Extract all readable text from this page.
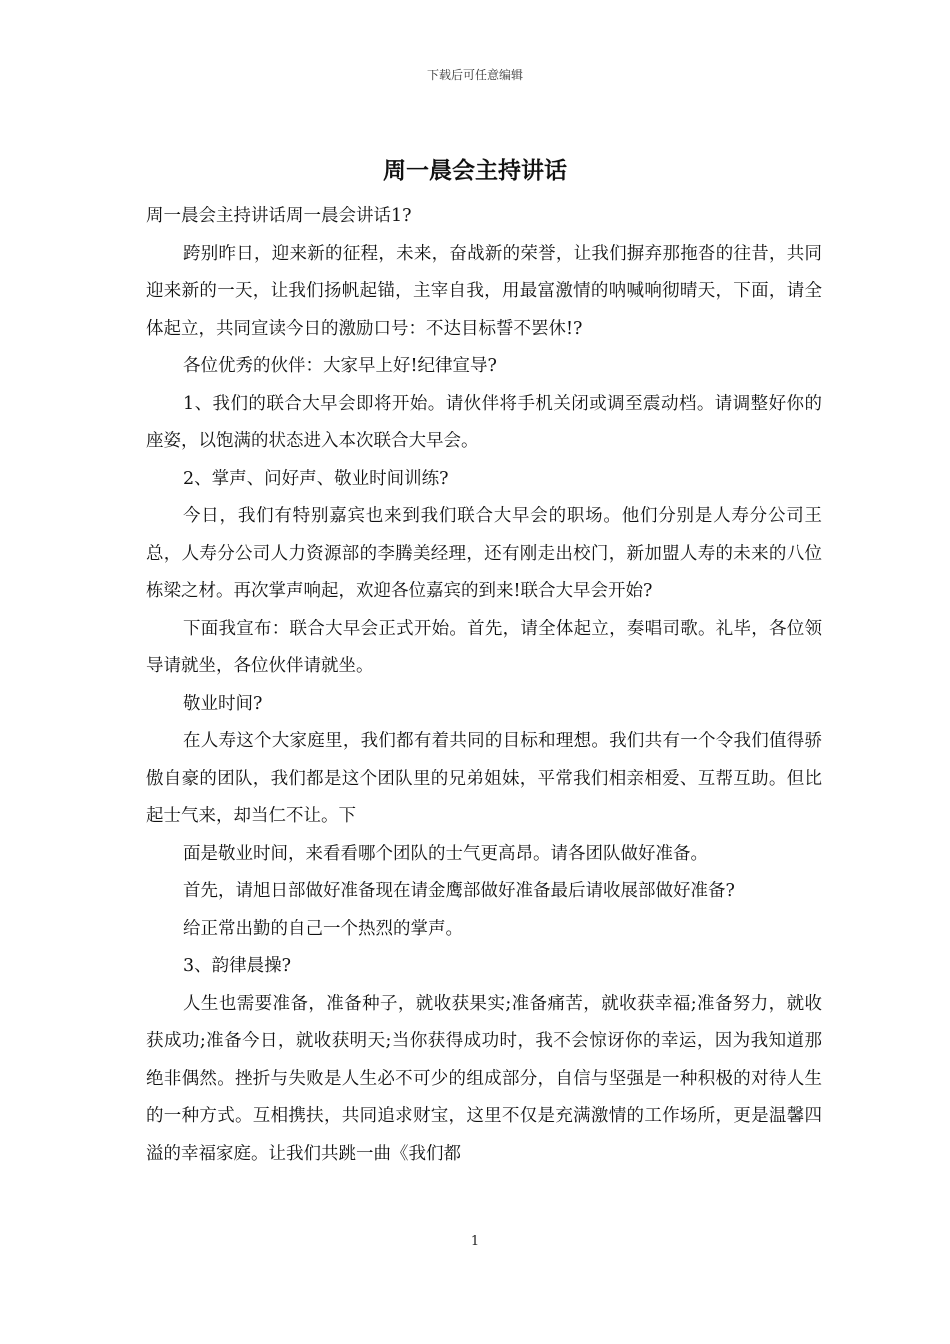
下载后可任意编辑
周一晨会主持讲话

周一晨会主持讲话周一晨会讲话1?

跨别昨日，迎来新的征程，未来，奋战新的荣誉，让我们摒弃那拖沓的往昔，共同迎来新的一天，让我们扬帆起锚，主宰自我，用最富激情的呐喊响彻晴天，下面，请全体起立，共同宣读今日的激励口号：不达目标誓不罢休!?

各位优秀的伙伴：大家早上好!纪律宣导?

1、我们的联合大早会即将开始。请伙伴将手机关闭或调至震动档。请调整好你的座姿，以饱满的状态进入本次联合大早会。

2、掌声、问好声、敬业时间训练?

今日，我们有特别嘉宾也来到我们联合大早会的职场。他们分别是人寿分公司王总，人寿分公司人力资源部的李腾美经理，还有刚走出校门，新加盟人寿的未来的八位栋梁之材。再次掌声响起，欢迎各位嘉宾的到来!联合大早会开始?

下面我宣布：联合大早会正式开始。首先，请全体起立，奏唱司歌。礼毕，各位领导请就坐，各位伙伴请就坐。

敬业时间?

在人寿这个大家庭里，我们都有着共同的目标和理想。我们共有一个令我们值得骄傲自豪的团队，我们都是这个团队里的兄弟姐妹，平常我们相亲相爱、互帮互助。但比起士气来，却当仁不让。下

面是敬业时间，来看看哪个团队的士气更高昂。请各团队做好准备。

首先，请旭日部做好准备现在请金鹰部做好准备最后请收展部做好准备?

给正常出勤的自己一个热烈的掌声。

3、韵律晨操?

人生也需要准备，准备种子，就收获果实;准备痛苦，就收获幸福;准备努力，就收获成功;准备今日，就收获明天;当你获得成功时，我不会惊讶你的幸运，因为我知道那绝非偶然。挫折与失败是人生必不可少的组成部分，自信与坚强是一种积极的对待人生的一种方式。互相携扶，共同追求财宝，这里不仅是充满激情的工作场所，更是温馨四溢的幸福家庭。让我们共跳一曲《我们都

1
